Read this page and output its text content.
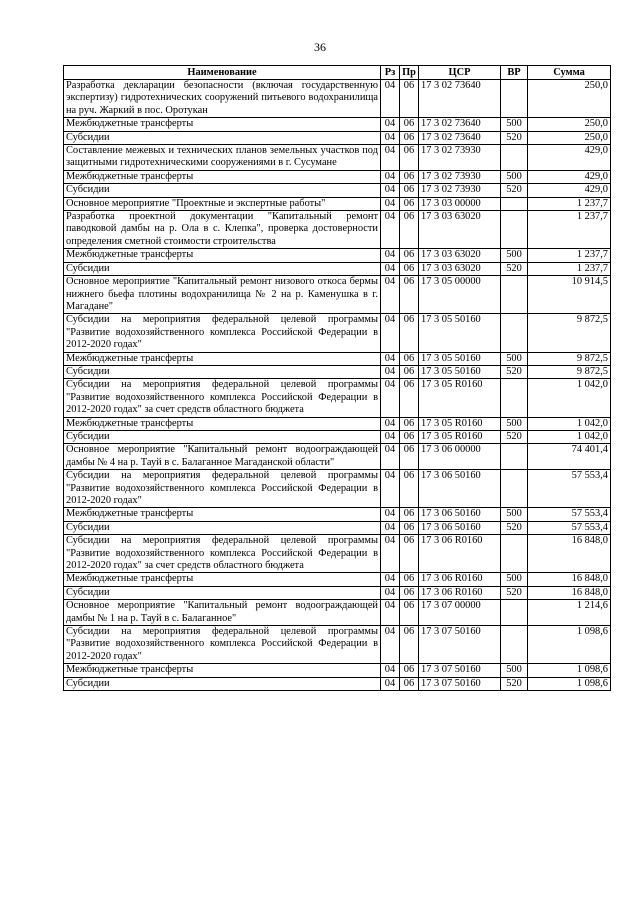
36
Наименование	Рз	Пр	ЦСР	ВР	Сумма
Разработка декларации безопасности (включая государственную экспертизу) гидротехнических сооружений питьевого водохранилища на руч. Жаркий в пос. Оротукан	04	06	17 3 02 73640		250,0
Межбюджетные трансферты	04	06	17 3 02 73640	500	250,0
Субсидии	04	06	17 3 02 73640	520	250,0
Составление межевых и технических планов земельных участков под защитными гидротехническими сооружениями в г. Сусумане	04	06	17 3 02 73930		429,0
Межбюджетные трансферты	04	06	17 3 02 73930	500	429,0
Субсидии	04	06	17 3 02 73930	520	429,0
Основное мероприятие "Проектные и экспертные работы"	04	06	17 3 03 00000		1 237,7
Разработка проектной документации "Капитальный ремонт паводковой дамбы на р. Ола в с. Клепка", проверка достоверности определения сметной стоимости строительства	04	06	17 3 03 63020		1 237,7
Межбюджетные трансферты	04	06	17 3 03 63020	500	1 237,7
Субсидии	04	06	17 3 03 63020	520	1 237,7
Основное мероприятие "Капитальный ремонт низового откоса бермы нижнего бьефа плотины водохранилища № 2 на р. Каменушка в г. Магадане"	04	06	17 3 05 00000		10 914,5
Субсидии на мероприятия федеральной целевой программы "Развитие водохозяйственного комплекса Российской Федерации в 2012-2020 годах"	04	06	17 3 05 50160		9 872,5
Межбюджетные трансферты	04	06	17 3 05 50160	500	9 872,5
Субсидии	04	06	17 3 05 50160	520	9 872,5
Субсидии на мероприятия федеральной целевой программы "Развитие водохозяйственного комплекса Российской Федерации в 2012-2020 годах" за счет средств областного бюджета	04	06	17 3 05 R0160		1 042,0
Межбюджетные трансферты	04	06	17 3 05 R0160	500	1 042,0
Субсидии	04	06	17 3 05 R0160	520	1 042,0
Основное мероприятие "Капитальный ремонт водоограждающей дамбы № 4 на р. Тауй в с. Балаганное Магаданской области"	04	06	17 3 06 00000		74 401,4
Субсидии на мероприятия федеральной целевой программы "Развитие водохозяйственного комплекса Российской Федерации в 2012-2020 годах"	04	06	17 3 06 50160		57 553,4
Межбюджетные трансферты	04	06	17 3 06 50160	500	57 553,4
Субсидии	04	06	17 3 06 50160	520	57 553,4
Субсидии на мероприятия федеральной целевой программы "Развитие водохозяйственного комплекса Российской Федерации в 2012-2020 годах" за счет средств областного бюджета	04	06	17 3 06 R0160		16 848,0
Межбюджетные трансферты	04	06	17 3 06 R0160	500	16 848,0
Субсидии	04	06	17 3 06 R0160	520	16 848,0
Основное мероприятие "Капитальный ремонт водоограждающей дамбы № 1 на р. Тауй в с. Балаганное"	04	06	17 3 07 00000		1 214,6
Субсидии на мероприятия федеральной целевой программы "Развитие водохозяйственного комплекса Российской Федерации в 2012-2020 годах"	04	06	17 3 07 50160		1 098,6
Межбюджетные трансферты	04	06	17 3 07 50160	500	1 098,6
Субсидии	04	06	17 3 07 50160	520	1 098,6
